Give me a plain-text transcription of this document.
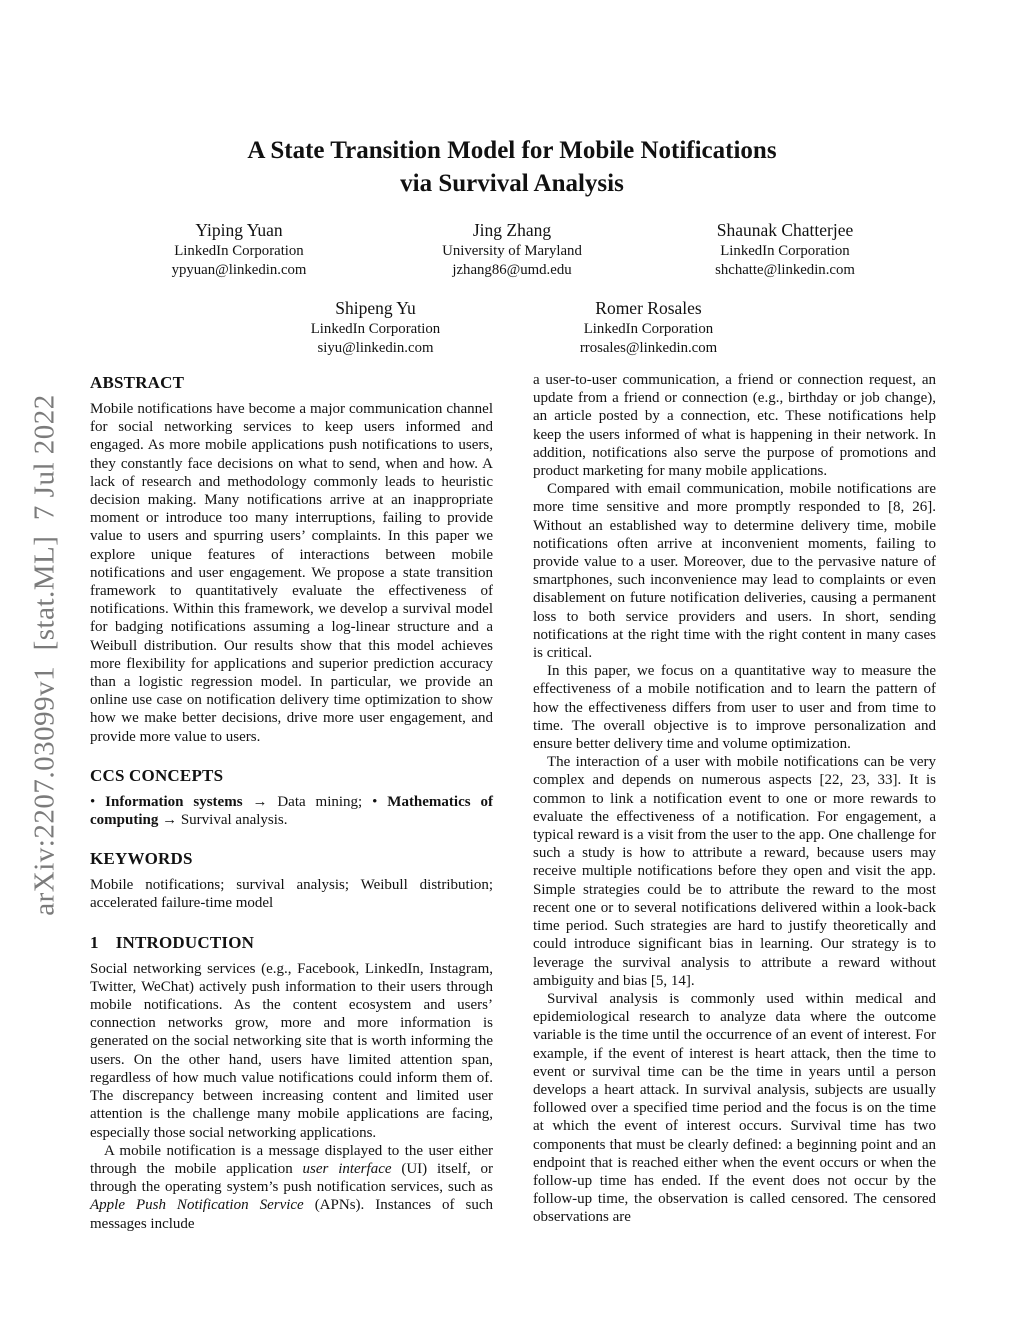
arXiv:2207.03099v1  [stat.ML]  7 Jul 2022
A State Transition Model for Mobile Notifications
via Survival Analysis
Yiping Yuan
LinkedIn Corporation
ypyuan@linkedin.com
Jing Zhang
University of Maryland
jzhang86@umd.edu
Shaunak Chatterjee
LinkedIn Corporation
shchatte@linkedin.com
Shipeng Yu
LinkedIn Corporation
siyu@linkedin.com
Romer Rosales
LinkedIn Corporation
rrosales@linkedin.com
ABSTRACT

Mobile notifications have become a major communication channel for social networking services to keep users informed and engaged. As more mobile applications push notifications to users, they constantly face decisions on what to send, when and how. A lack of research and methodology commonly leads to heuristic decision making. Many notifications arrive at an inappropriate moment or introduce too many interruptions, failing to provide value to users and spurring users’ complaints. In this paper we explore unique features of interactions between mobile notifications and user engagement. We propose a state transition framework to quantitatively evaluate the effectiveness of notifications. Within this framework, we develop a survival model for badging notifications assuming a log-linear structure and a Weibull distribution. Our results show that this model achieves more flexibility for applications and superior prediction accuracy than a logistic regression model. In particular, we provide an online use case on notification delivery time optimization to show how we make better decisions, drive more user engagement, and provide more value to users.

CCS CONCEPTS

• Information systems → Data mining; • Mathematics of computing → Survival analysis.

KEYWORDS

Mobile notifications; survival analysis; Weibull distribution; accelerated failure-time model

1 INTRODUCTION

Social networking services (e.g., Facebook, LinkedIn, Instagram, Twitter, WeChat) actively push information to their users through mobile notifications. As the content ecosystem and users’ connection networks grow, more and more information is generated on the social networking site that is worth informing the users. On the other hand, users have limited attention span, regardless of how much value notifications could inform them of. The discrepancy between increasing content and limited user attention is the challenge many mobile applications are facing, especially those social networking applications.

A mobile notification is a message displayed to the user either through the mobile application user interface (UI) itself, or through the operating system’s push notification services, such as Apple Push Notification Service (APNs). Instances of such messages include

a user-to-user communication, a friend or connection request, an update from a friend or connection (e.g., birthday or job change), an article posted by a connection, etc. These notifications help keep the users informed of what is happening in their network. In addition, notifications also serve the purpose of promotions and product marketing for many mobile applications.

Compared with email communication, mobile notifications are more time sensitive and more promptly responded to [8, 26]. Without an established way to determine delivery time, mobile notifications often arrive at inconvenient moments, failing to provide value to a user. Moreover, due to the pervasive nature of smartphones, such inconvenience may lead to complaints or even disablement on future notification deliveries, causing a permanent loss to both service providers and users. In short, sending notifications at the right time with the right content in many cases is critical.

In this paper, we focus on a quantitative way to measure the effectiveness of a mobile notification and to learn the pattern of how the effectiveness differs from user to user and from time to time. The overall objective is to improve personalization and ensure better delivery time and volume optimization.

The interaction of a user with mobile notifications can be very complex and depends on numerous aspects [22, 23, 33]. It is common to link a notification event to one or more rewards to evaluate the effectiveness of a notification. For engagement, a typical reward is a visit from the user to the app. One challenge for such a study is how to attribute a reward, because users may receive multiple notifications before they open and visit the app. Simple strategies could be to attribute the reward to the most recent one or to several notifications delivered within a look-back time period. Such strategies are hard to justify theoretically and could introduce significant bias in learning. Our strategy is to leverage the survival analysis to attribute a reward without ambiguity and bias [5, 14].

Survival analysis is commonly used within medical and epidemiological research to analyze data where the outcome variable is the time until the occurrence of an event of interest. For example, if the event of interest is heart attack, then the time to event or survival time can be the time in years until a person develops a heart attack. In survival analysis, subjects are usually followed over a specified time period and the focus is on the time at which the event of interest occurs. Survival time has two components that must be clearly defined: a beginning point and an endpoint that is reached either when the event occurs or when the follow-up time has ended. If the event does not occur by the follow-up time, the observation is called censored. The censored observations are
